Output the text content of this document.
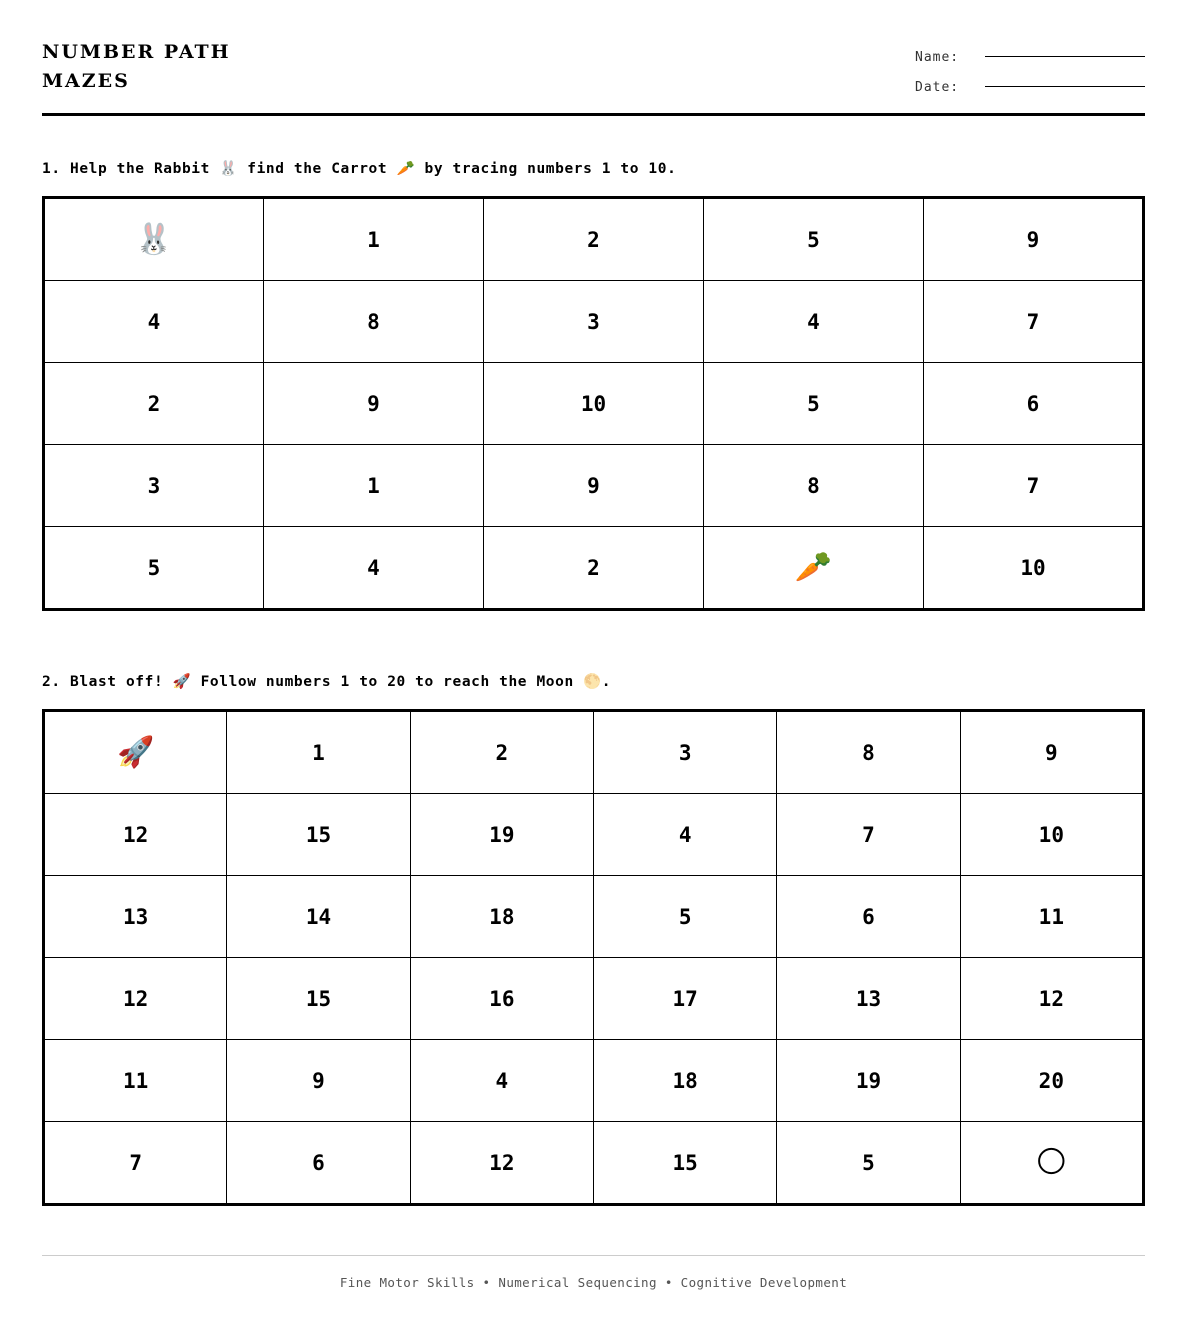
NUMBER PATH
MAZES
Name:
Date:
1. Help the Rabbit 🐰 find the Carrot 🥕 by tracing numbers 1 to 10.
🐰	1	2	5	9
4	8	3	4	7
2	9	10	5	6
3	1	9	8	7
5	4	2	🥕	10
2. Blast off! 🚀 Follow numbers 1 to 20 to reach the Moon 🌕.
🚀	1	2	3	8	9
12	15	19	4	7	10
13	14	18	5	6	11
12	15	16	17	13	12
11	9	4	18	19	20
7	6	12	15	5	🌕
Fine Motor Skills • Numerical Sequencing • Cognitive Development
